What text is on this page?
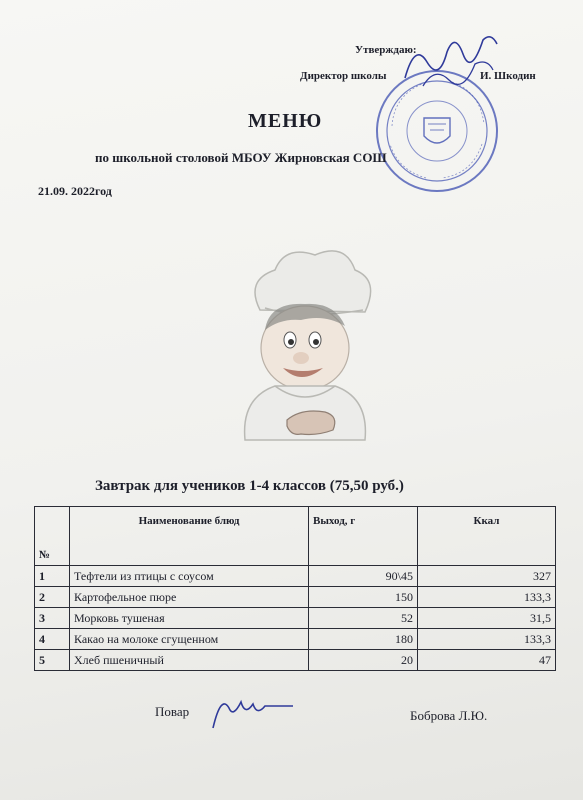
Утверждаю:
Директор школы	И. Шкодин
МЕНЮ
по школьной столовой МБОУ Жирновская СОШ
21.09. 2022год
Завтрак для учеников 1-4 классов (75,50 руб.)
№	Наименование блюд	Выход, г	Ккал
1	Тефтели из птицы с соусом	90\45	327
2	Картофельное пюре	150	133,3
3	Морковь тушеная	52	31,5
4	Какао на молоке сгущенном	180	133,3
5	Хлеб пшеничный	20	47
Повар	Боброва Л.Ю.
